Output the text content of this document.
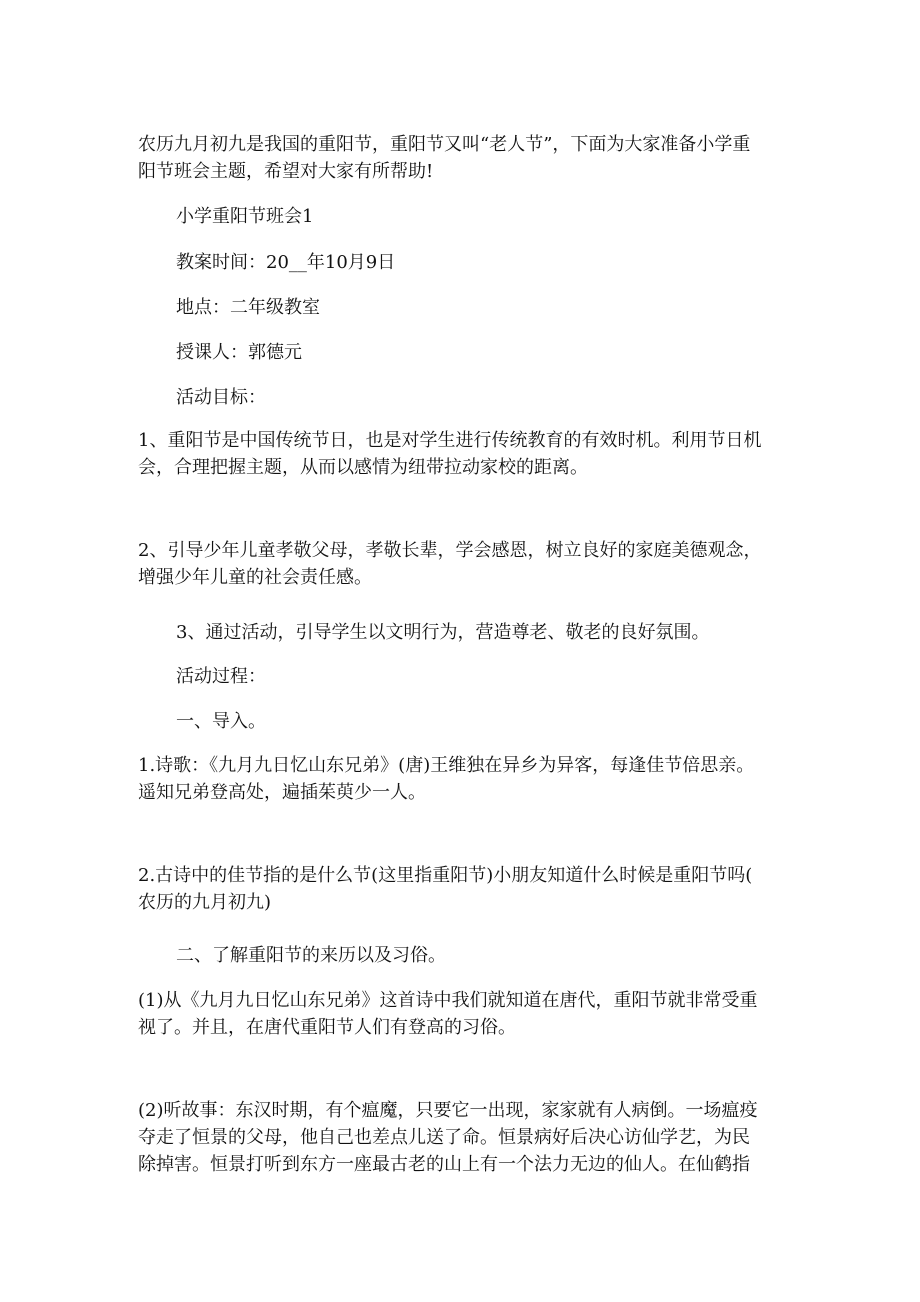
农历九月初九是我国的重阳节，重阳节又叫“老人节”，下面为大家准备小学重
阳节班会主题，希望对大家有所帮助!
小学重阳节班会1
教案时间：20__年10月9日
地点：二年级教室
授课人：郭德元
活动目标：
1、重阳节是中国传统节日，也是对学生进行传统教育的有效时机。利用节日机
会，合理把握主题，从而以感情为纽带拉动家校的距离。
2、引导少年儿童孝敬父母，孝敬长辈，学会感恩，树立良好的家庭美德观念，
增强少年儿童的社会责任感。
3、通过活动，引导学生以文明行为，营造尊老、敬老的良好氛围。
活动过程：
一、导入。
1.诗歌：《九月九日忆山东兄弟》(唐)王维独在异乡为异客，每逢佳节倍思亲。
遥知兄弟登高处，遍插茱萸少一人。
2.古诗中的佳节指的是什么节(这里指重阳节)小朋友知道什么时候是重阳节吗(
农历的九月初九)
二、了解重阳节的来历以及习俗。
(1)从《九月九日忆山东兄弟》这首诗中我们就知道在唐代，重阳节就非常受重
视了。并且，在唐代重阳节人们有登高的习俗。
(2)听故事：东汉时期，有个瘟魔，只要它一出现，家家就有人病倒。一场瘟疫
夺走了恒景的父母，他自己也差点儿送了命。恒景病好后决心访仙学艺，为民
除掉害。恒景打听到东方一座最古老的山上有一个法力无边的仙人。在仙鹤指
